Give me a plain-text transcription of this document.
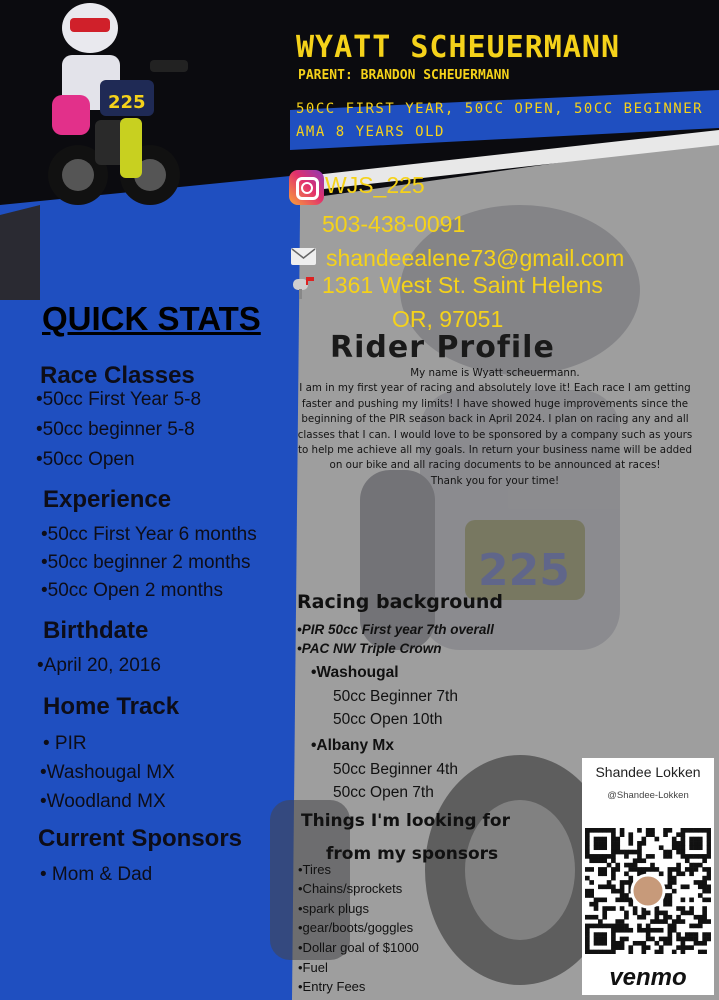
225
225
WYATT SCHEUERMANN
PARENT: BRANDON SCHEUERMANN
50CC FIRST YEAR, 50CC OPEN, 50CC BEGINNER
AMA 8 YEARS OLD
WJS_225
503-438-0091
shandeealene73@gmail.com
1361 West St. Saint Helens
OR, 97051
QUICK STATS
Race Classes
•50cc First Year 5-8
•50cc beginner 5-8
•50cc Open
Experience
•50cc First Year 6 months
•50cc beginner 2 months
•50cc Open 2 months
Birthdate
•April 20, 2016
Home Track
• PIR
•Washougal MX
•Woodland MX
Current Sponsors
• Mom & Dad
Rider Profile
My name is Wyatt scheuermann.
I am in my first year of racing and absolutely love it! Each race I am getting faster and pushing my limits! I have showed huge improvements since the beginning of the PIR season back in April 2024. I plan on racing any and all classes that I can. I would love to be sponsored by a company such as yours to help me achieve all my goals. In return your business name will be added on our bike and all racing documents to be announced at races!
Thank you for your time!
Racing background
•PIR 50cc First year 7th overall
•PAC NW Triple Crown
•Washougal
50cc Beginner 7th
50cc Open 10th
•Albany Mx
50cc Beginner 4th
50cc Open 7th
Things I'm looking for
from my sponsors
•Tires
•Chains/sprockets
•spark plugs
•gear/boots/goggles
•Dollar goal of $1000
•Fuel
•Entry Fees
Shandee Lokken
@Shandee-Lokken
venmo
